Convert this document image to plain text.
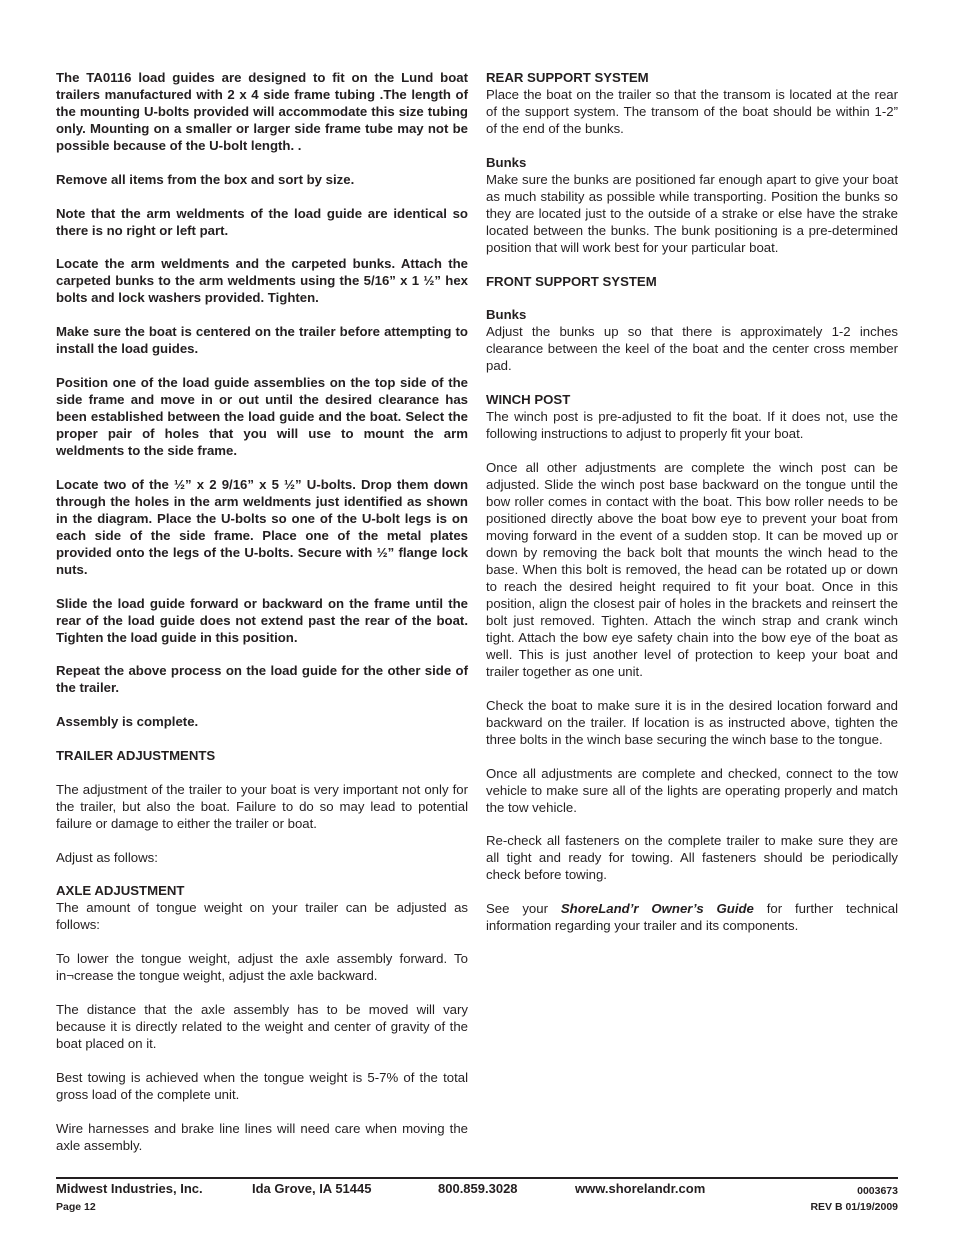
The TA0116 load guides are designed to fit on the Lund boat trailers manufactured with 2 x 4 side frame tubing .The length of the mounting U-bolts provided will accommodate this size tubing only. Mounting on a smaller or larger side frame tube may not be possible because of the U-bolt length. .

Remove all items from the box and sort by size.

Note that the arm weldments of the load guide are identical so there is no right or left part.

Locate the arm weldments and the carpeted bunks. Attach the carpeted bunks to the arm weldments using the 5/16” x 1 ½” hex bolts and lock washers provided. Tighten.

Make sure the boat is centered on the trailer before attempting to install the load guides.

Position one of the load guide assemblies on the top side of the side frame and move in or out until the desired clearance has been established between the load guide and the boat. Select the proper pair of holes that you will use to mount the arm weldments to the side frame.

Locate two of the ½” x 2 9/16” x 5 ½” U-bolts. Drop them down through the holes in the arm weldments just identified as shown in the diagram. Place the U-bolts so one of the U-bolt legs is on each side of the side frame. Place one of the metal plates provided onto the legs of the U-bolts. Secure with ½” flange lock nuts.

Slide the load guide forward or backward on the frame until the rear of the load guide does not extend past the rear of the boat. Tighten the load guide in this position.

Repeat the above process on the load guide for the other side of the trailer.

Assembly is complete.

TRAILER ADJUSTMENTS

The adjustment of the trailer to your boat is very important not only for the trailer, but also the boat. Failure to do so may lead to potential failure or damage to either the trailer or boat.

Adjust as follows:

AXLE ADJUSTMENT
The amount of tongue weight on your trailer can be adjusted as follows:

To lower the tongue weight, adjust the axle assembly forward. To in¬crease the tongue weight, adjust the axle backward.

The distance that the axle assembly has to be moved will vary because it is directly related to the weight and center of gravity of the boat placed on it.

Best towing is achieved when the tongue weight is 5-7% of the total gross load of the complete unit.

Wire harnesses and brake line lines will need care when moving the axle assembly.

REAR SUPPORT SYSTEM
Place the boat on the trailer so that the transom is located at the rear of the support system. The transom of the boat should be within 1-2” of the end of the bunks.

Bunks
Make sure the bunks are positioned far enough apart to give your boat as much stability as possible while transporting. Position the bunks so they are located just to the outside of a strake or else have the strake located between the bunks. The bunk positioning is a pre-determined position that will work best for your particular boat.

FRONT SUPPORT SYSTEM

Bunks
Adjust the bunks up so that there is approximately 1-2 inches clearance between the keel of the boat and the center cross member pad.

WINCH POST
The winch post is pre-adjusted to fit the boat. If it does not, use the following instructions to adjust to properly fit your boat.

Once all other adjustments are complete the winch post can be adjusted. Slide the winch post base backward on the tongue until the bow roller comes in contact with the boat. This bow roller needs to be positioned directly above the boat bow eye to prevent your boat from moving forward in the event of a sudden stop. It can be moved up or down by removing the back bolt that mounts the winch head to the base. When this bolt is removed, the head can be rotated up or down to reach the desired height required to fit your boat. Once in this position, align the closest pair of holes in the brackets and reinsert the bolt just removed. Tighten. Attach the winch strap and crank winch tight. Attach the bow eye safety chain into the bow eye of the boat as well. This is just another level of protection to keep your boat and trailer together as one unit.

Check the boat to make sure it is in the desired location forward and backward on the trailer. If location is as instructed above, tighten the three bolts in the winch base securing the winch base to the tongue.

Once all adjustments are complete and checked, connect to the tow vehicle to make sure all of the lights are operating properly and match the tow vehicle.

Re-check all fasteners on the complete trailer to make sure they are all tight and ready for towing. All fasteners should be periodically check before towing.

See your ShoreLand’r Owner’s Guide for further technical information regarding your trailer and its components.

Midwest Industries, Inc.	Ida Grove, IA 51445	800.859.3028	www.shorelandr.com	0003673
Page 12	REV B 01/19/2009
